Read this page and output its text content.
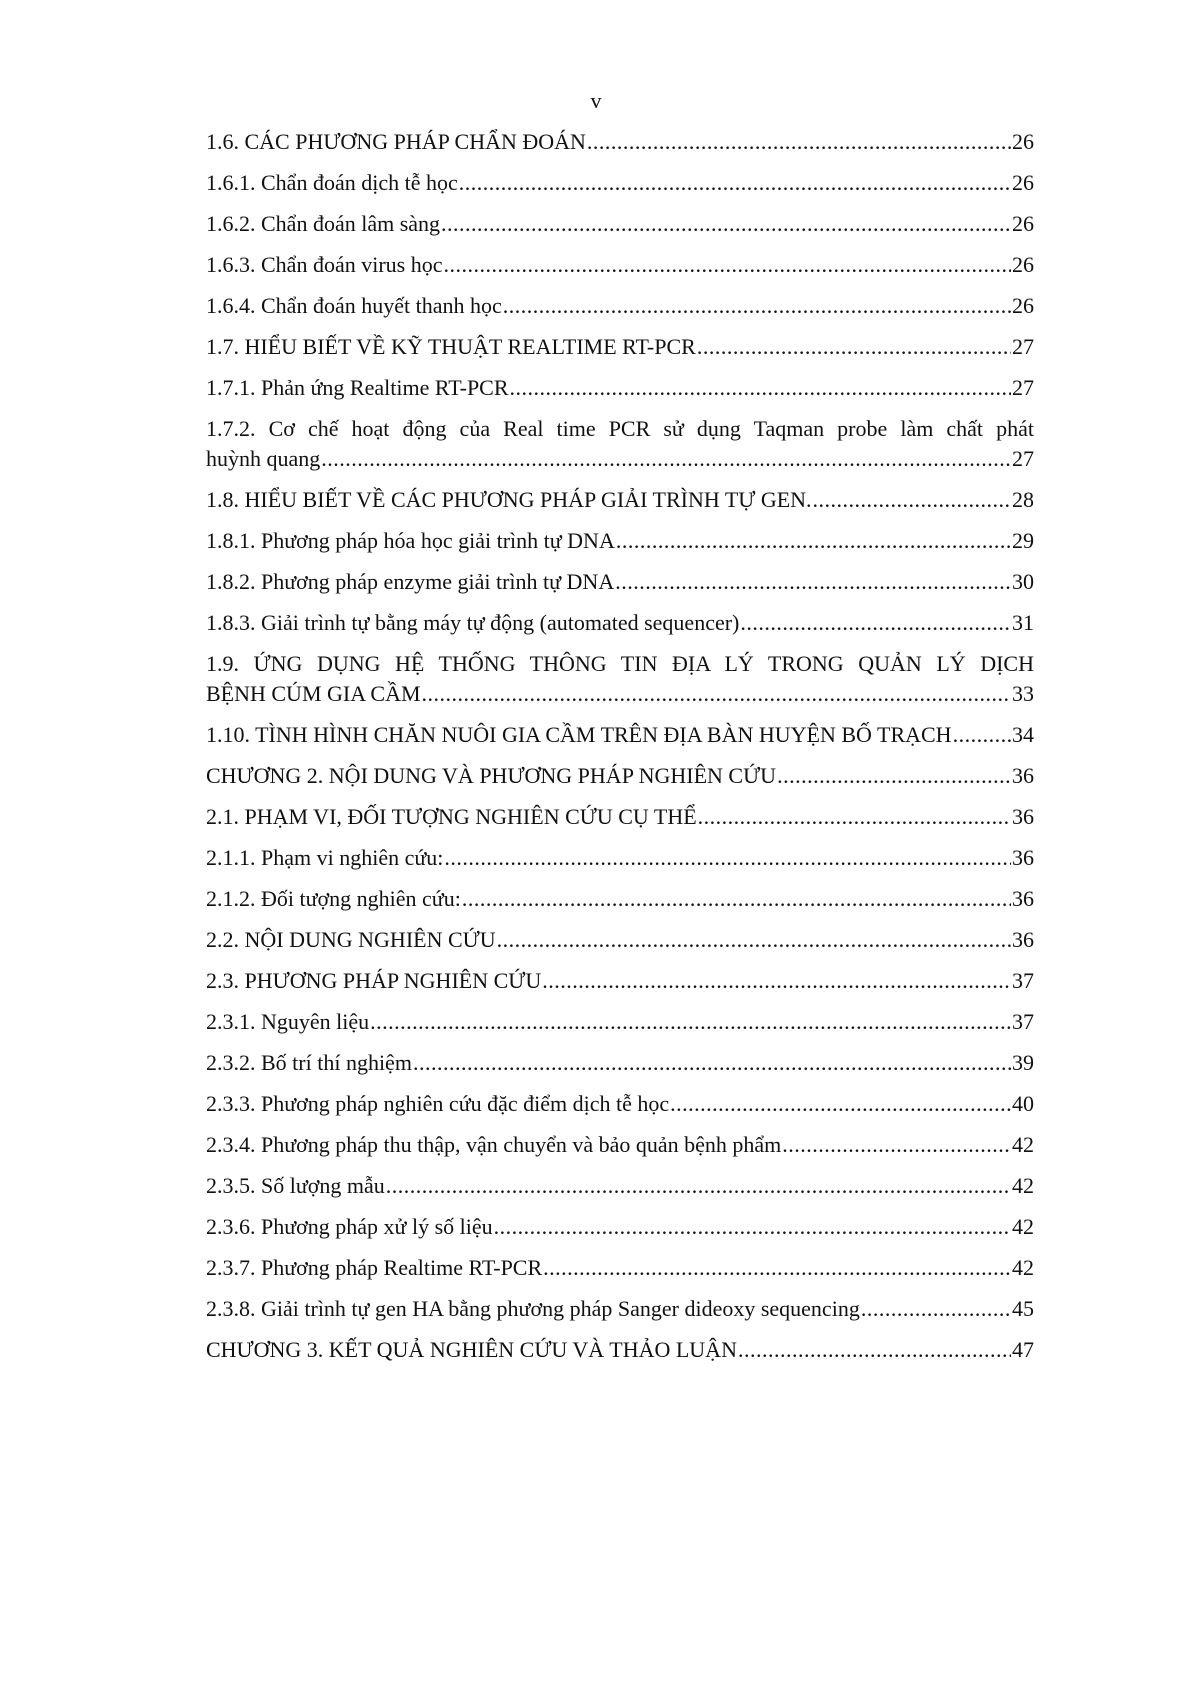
v
1.6. CÁC PHƯƠNG PHÁP CHẨN ĐOÁN .....	26
1.6.1. Chẩn đoán dịch tễ học .....	26
1.6.2. Chẩn đoán lâm sàng .....	26
1.6.3. Chẩn đoán virus học .....	26
1.6.4. Chẩn đoán huyết thanh học .....	26
1.7. HIỂU BIẾT VỀ KỸ THUẬT REALTIME RT-PCR .....	27
1.7.1. Phản ứng Realtime RT-PCR .....	27
1.7.2. Cơ chế hoạt động của Real time PCR sử dụng Taqman probe làm chất phát
huỳnh quang .....	27
1.8. HIỂU BIẾT VỀ CÁC PHƯƠNG PHÁP GIẢI TRÌNH TỰ GEN. .....	28
1.8.1. Phương pháp hóa học giải trình tự DNA .....	29
1.8.2. Phương pháp enzyme giải trình tự DNA .....	30
1.8.3. Giải trình tự bằng máy tự động (automated sequencer) .....	31
1.9. ỨNG DỤNG HỆ THỐNG THÔNG TIN ĐỊA LÝ TRONG QUẢN LÝ DỊCH
BỆNH CÚM GIA CẦM .....	33
1.10. TÌNH HÌNH CHĂN NUÔI GIA CẦM TRÊN ĐỊA BÀN HUYỆN BỐ TRẠCH .....	34
CHƯƠNG 2. NỘI DUNG VÀ PHƯƠNG PHÁP NGHIÊN CỨU .....	36
2.1. PHẠM VI, ĐỐI TƯỢNG NGHIÊN CỨU CỤ THỂ .....	36
2.1.1. Phạm vi nghiên cứu: .....	36
2.1.2. Đối tượng nghiên cứu: .....	36
2.2. NỘI DUNG NGHIÊN CỨU .....	36
2.3. PHƯƠNG PHÁP NGHIÊN CỨU .....	37
2.3.1. Nguyên liệu .....	37
2.3.2. Bố trí thí nghiệm .....	39
2.3.3. Phương pháp nghiên cứu đặc điểm dịch tễ học .....	40
2.3.4. Phương pháp thu thập, vận chuyển và bảo quản bệnh phẩm .....	42
2.3.5. Số lượng mẫu .....	42
2.3.6. Phương pháp xử lý số liệu .....	42
2.3.7. Phương pháp Realtime RT-PCR .....	42
2.3.8. Giải trình tự gen HA bằng phương pháp Sanger dideoxy sequencing .....	45
CHƯƠNG 3. KẾT QUẢ NGHIÊN CỨU VÀ THẢO LUẬN .....	47
